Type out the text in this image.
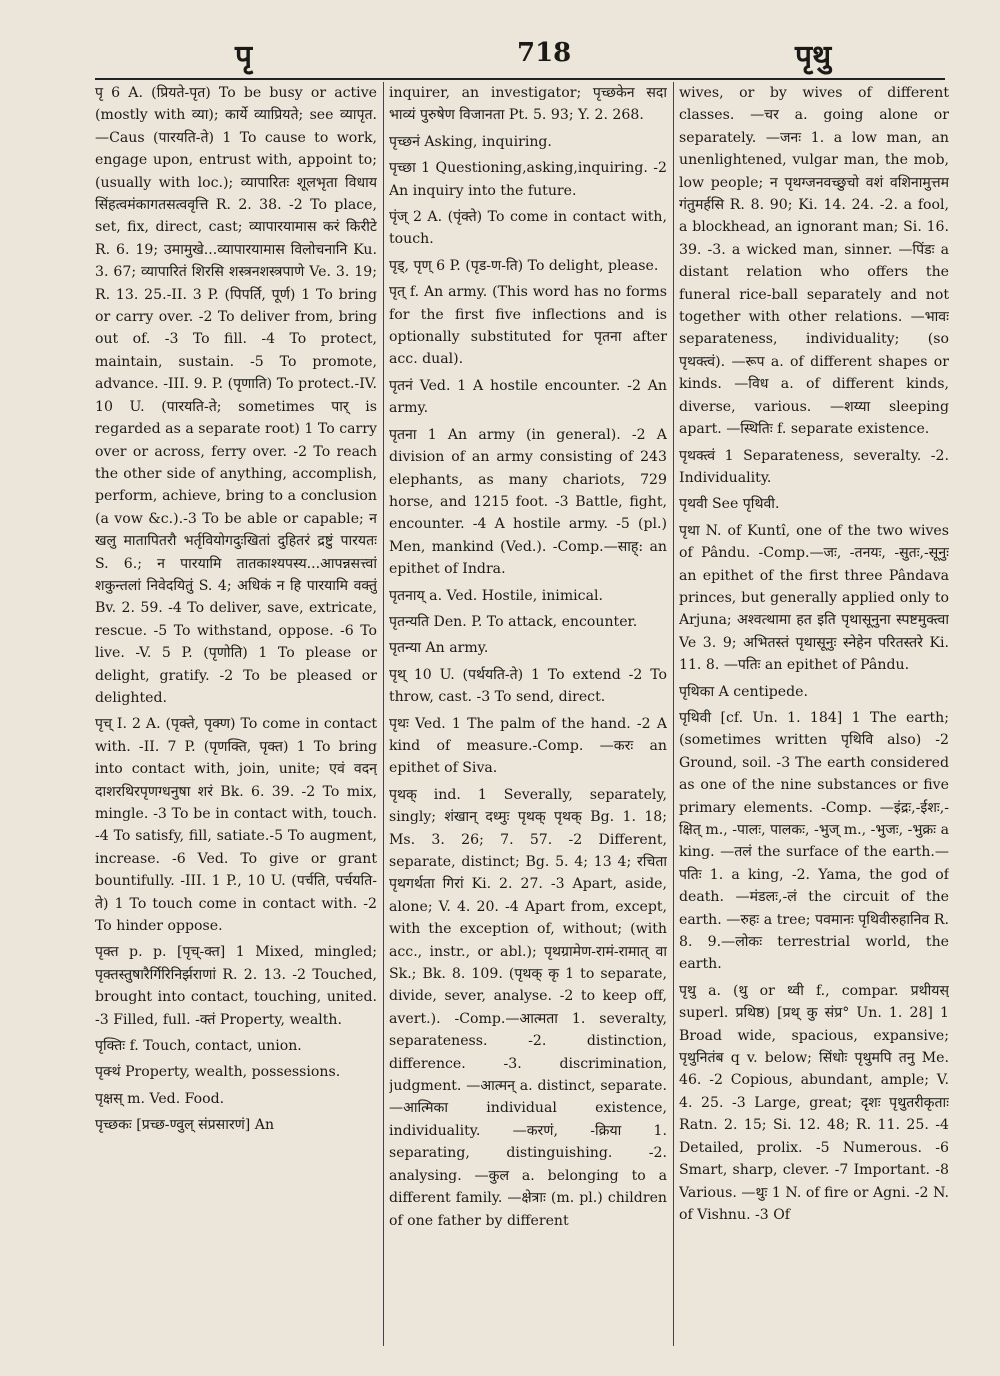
पृ	718	पृथु

पृ 6 A. (प्रियते-पृत) To be busy or active (mostly with व्या); कार्ये व्याप्रियते; see व्यापृत.—Caus (पारयति-ते) 1 To cause to work, engage upon, entrust with, appoint to; (usually with loc.); व्यापारितः शूलभृता विधाय सिंहत्वमंकागतसत्ववृत्ति R. 2. 38. -2 To place, set, fix, direct, cast; व्यापारयामास करं किरीटे R. 6. 19; उमामुखे...व्यापारयामास विलोचनानि Ku. 3. 67; व्यापारितं शिरसि शस्त्रनशस्त्रपाणे Ve. 3. 19; R. 13. 25.-II. 3 P. (पिपर्ति, पूर्ण) 1 To bring or carry over. -2 To deliver from, bring out of. -3 To fill. -4 To protect, maintain, sustain. -5 To promote, advance. -III. 9. P. (पृणाति) To protect.-IV. 10 U. (पारयति-ते; sometimes पार् is regarded as a separate root) 1 To carry over or across, ferry over. -2 To reach the other side of anything, accomplish, perform, achieve, bring to a conclusion (a vow &c.).-3 To be able or capable; न खलु मातापितरौ भर्तृवियोगदुःखितां दुहितरं द्रष्टुं पारयतः S. 6.; न पारयामि तातकाश्यपस्य...आपन्नसत्त्वां शकुन्तलां निवेदयितुं S. 4; अधिकं न हि पारयामि वक्तुं Bv. 2. 59. -4 To deliver, save, extricate, rescue. -5 To withstand, oppose. -6 To live. -V. 5 P. (पृणोति) 1 To please or delight, gratify. -2 To be pleased or delighted.

पृच् I. 2 A. (पृक्ते, पृक्ण) To come in contact with. -II. 7 P. (पृणक्ति, पृक्त) 1 To bring into contact with, join, unite; एवं वदन् दाशरथिरपृणग्धनुषा शरं Bk. 6. 39. -2 To mix, mingle. -3 To be in contact with, touch. -4 To satisfy, fill, satiate.-5 To augment, increase. -6 Ved. To give or grant bountifully. -III. 1 P., 10 U. (पर्चति, पर्चयति-ते) 1 To touch come in contact with. -2 To hinder oppose.

पृक्त p. p. [पृच्-क्त] 1 Mixed, mingled; पृक्तस्तुषारैर्गिरिनिर्झराणां R. 2. 13. -2 Touched, brought into contact, touching, united. -3 Filled, full. -क्तं Property, wealth.

पृक्तिः f. Touch, contact, union.

पृक्थं Property, wealth, possessions.

पृक्षस् m. Ved. Food.

पृच्छकः [प्रच्छ-ण्वुल् संप्रसारणं] An

inquirer, an investigator; पृच्छकेन सदा भाव्यं पुरुषेण विजानता Pt. 5. 93; Y. 2. 268.

पृच्छनं Asking, inquiring.

पृच्छा 1 Questioning,asking,inquiring. -2 An inquiry into the future.

पृंज् 2 A. (पृंक्ते) To come in contact with, touch.

पृड्, पृण् 6 P. (पृड-ण-ति) To delight, please.

पृत् f. An army. (This word has no forms for the first five inflections and is optionally substituted for पृतना after acc. dual).

पृतनं Ved. 1 A hostile encounter. -2 An army.

पृतना 1 An army (in general). -2 A division of an army consisting of 243 elephants, as many chariots, 729 horse, and 1215 foot. -3 Battle, fight, encounter. -4 A hostile army. -5 (pl.) Men, mankind (Ved.). -Comp.—साह्: an epithet of Indra.

पृतनाय् a. Ved. Hostile, inimical.

पृतन्यति Den. P. To attack, encounter.

पृतन्या An army.

पृथ् 10 U. (पर्थयति-ते) 1 To extend -2 To throw, cast. -3 To send, direct.

पृथः Ved. 1 The palm of the hand. -2 A kind of measure.-Comp. —करः an epithet of Siva.

पृथक् ind. 1 Severally, separately, singly; शंखान् दध्मुः पृथक् पृथक् Bg. 1. 18; Ms. 3. 26; 7. 57. -2 Different, separate, distinct; Bg. 5. 4; 13 4; रचिता पृथगर्थता गिरां Ki. 2. 27. -3 Apart, aside, alone; V. 4. 20. -4 Apart from, except, with the exception of, without; (with acc., instr., or abl.); पृथग्रामेण-रामं-रामात् वा Sk.; Bk. 8. 109. (पृथक् कृ 1 to separate, divide, sever, analyse. -2 to keep off, avert.). -Comp.—आत्मता 1. severalty, separateness. -2. distinction, difference. -3. discrimination, judgment. —आत्मन् a. distinct, separate.—आत्मिका individual existence, individuality. —करणं, -क्रिया 1. separating, distinguishing. -2. analysing. —कुल a. belonging to a different family. —क्षेत्राः (m. pl.) children of one father by different

wives, or by wives of different classes. —चर a. going alone or separately. —जनः 1. a low man, an unenlightened, vulgar man, the mob, low people; न पृथग्जनवच्छुचो वशं वशिनामुत्तम गंतुमर्हसि R. 8. 90; Ki. 14. 24. -2. a fool, a blockhead, an ignorant man; Si. 16. 39. -3. a wicked man, sinner. —पिंडः a distant relation who offers the funeral rice-ball separately and not together with other relations. —भावः separateness, individuality; (so पृथक्त्वं). —रूप a. of different shapes or kinds. —विध a. of different kinds, diverse, various. —शय्या sleeping apart. —स्थितिः f. separate existence.

पृथक्त्वं 1 Separateness, severalty. -2. Individuality.

पृथवी See पृथिवी.

पृथा N. of Kuntî, one of the two wives of Pându. -Comp.—जः, -तनयः, -सुतः,-सूनुः an epithet of the first three Pândava princes, but generally applied only to Arjuna; अश्वत्थामा हत इति पृथासूनुना स्पष्टमुक्त्वा Ve 3. 9; अभितस्तं पृथासूनुः स्नेहेन परितस्तरे Ki. 11. 8. —पतिः an epithet of Pându.

पृथिका A centipede.

पृथिवी [cf. Un. 1. 184] 1 The earth; (sometimes written पृथिवि also) -2 Ground, soil. -3 The earth considered as one of the nine substances or five primary elements. -Comp. —इंद्रः,-ईशः,-क्षित् m., -पालः, पालकः, -भुज् m., -भुजः, -भुक्रः a king. —तलं the surface of the earth.—पतिः 1. a king, -2. Yama, the god of death. —मंडलः,-लं the circuit of the earth. —रुहः a tree; पवमानः पृथिवीरुहानिव R. 8. 9.—लोकः terrestrial world, the earth.

पृथु a. (थु or थ्वी f., compar. प्रथीयस् superl. प्रथिष्ठ) [प्रथ् कु संप्र° Un. 1. 28] 1 Broad wide, spacious, expansive; पृथुनितंब q v. below; सिंधोः पृथुमपि तनु Me. 46. -2 Copious, abundant, ample; V. 4. 25. -3 Large, great; दृशः पृथुतरीकृताः Ratn. 2. 15; Si. 12. 48; R. 11. 25. -4 Detailed, prolix. -5 Numerous. -6 Smart, sharp, clever. -7 Important. -8 Various. —थुः 1 N. of fire or Agni. -2 N. of Vishnu. -3 Of
